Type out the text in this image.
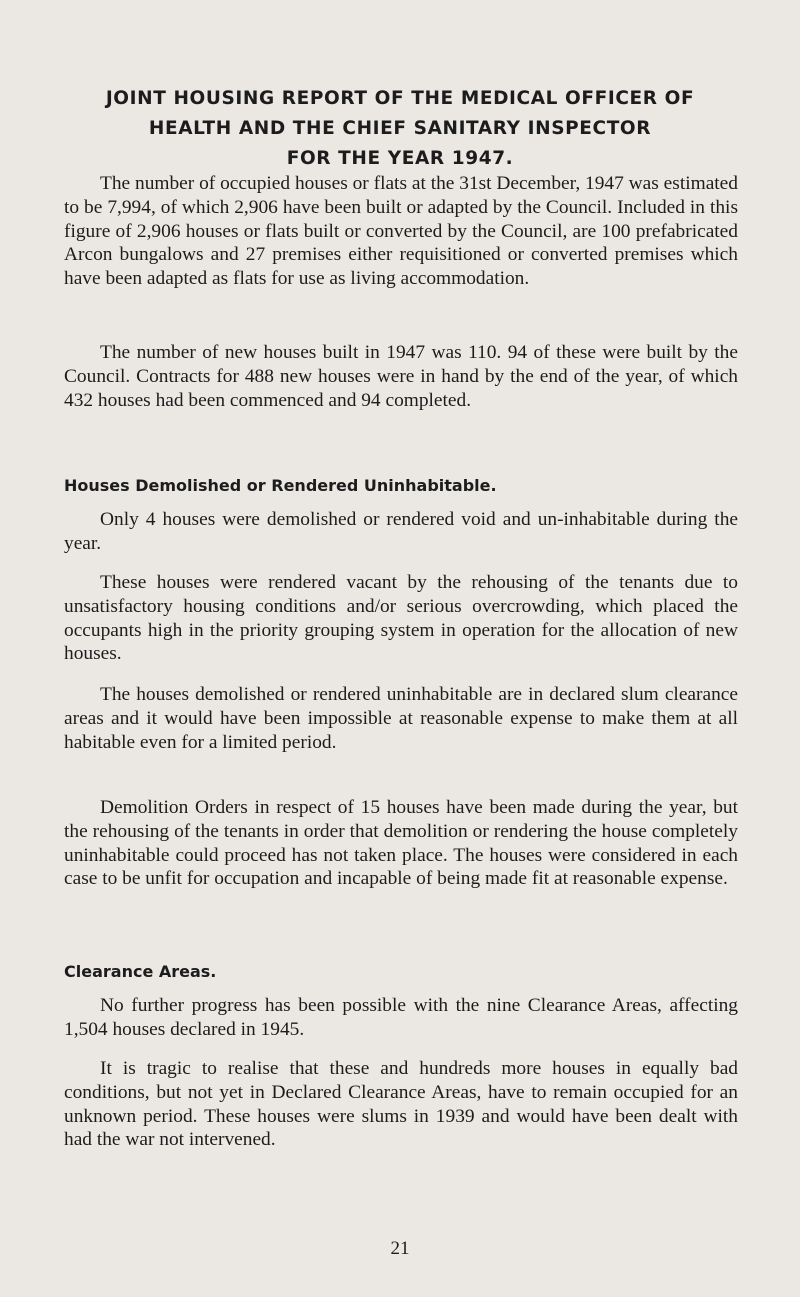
JOINT HOUSING REPORT OF THE MEDICAL OFFICER OF
HEALTH AND THE CHIEF SANITARY INSPECTOR
FOR THE YEAR 1947.

The number of occupied houses or flats at the 31st December, 1947 was estimated to be 7,994, of which 2,906 have been built or adapted by the Council. Included in this figure of 2,906 houses or flats built or converted by the Council, are 100 prefabricated Arcon bungalows and 27 premises either requisitioned or converted premises which have been adapted as flats for use as living accommodation.

The number of new houses built in 1947 was 110. 94 of these were built by the Council. Contracts for 488 new houses were in hand by the end of the year, of which 432 houses had been commenced and 94 completed.

Houses Demolished or Rendered Uninhabitable.

Only 4 houses were demolished or rendered void and un-inhabitable during the year.

These houses were rendered vacant by the rehousing of the tenants due to unsatisfactory housing conditions and/or serious overcrowding, which placed the occupants high in the priority grouping system in operation for the allocation of new houses.

The houses demolished or rendered uninhabitable are in declared slum clearance areas and it would have been impossible at reasonable expense to make them at all habitable even for a limited period.

Demolition Orders in respect of 15 houses have been made during the year, but the rehousing of the tenants in order that demolition or rendering the house completely uninhabitable could proceed has not taken place. The houses were considered in each case to be unfit for occupation and incapable of being made fit at reasonable expense.

Clearance Areas.

No further progress has been possible with the nine Clearance Areas, affecting 1,504 houses declared in 1945.

It is tragic to realise that these and hundreds more houses in equally bad conditions, but not yet in Declared Clearance Areas, have to remain occupied for an unknown period. These houses were slums in 1939 and would have been dealt with had the war not intervened.

21
